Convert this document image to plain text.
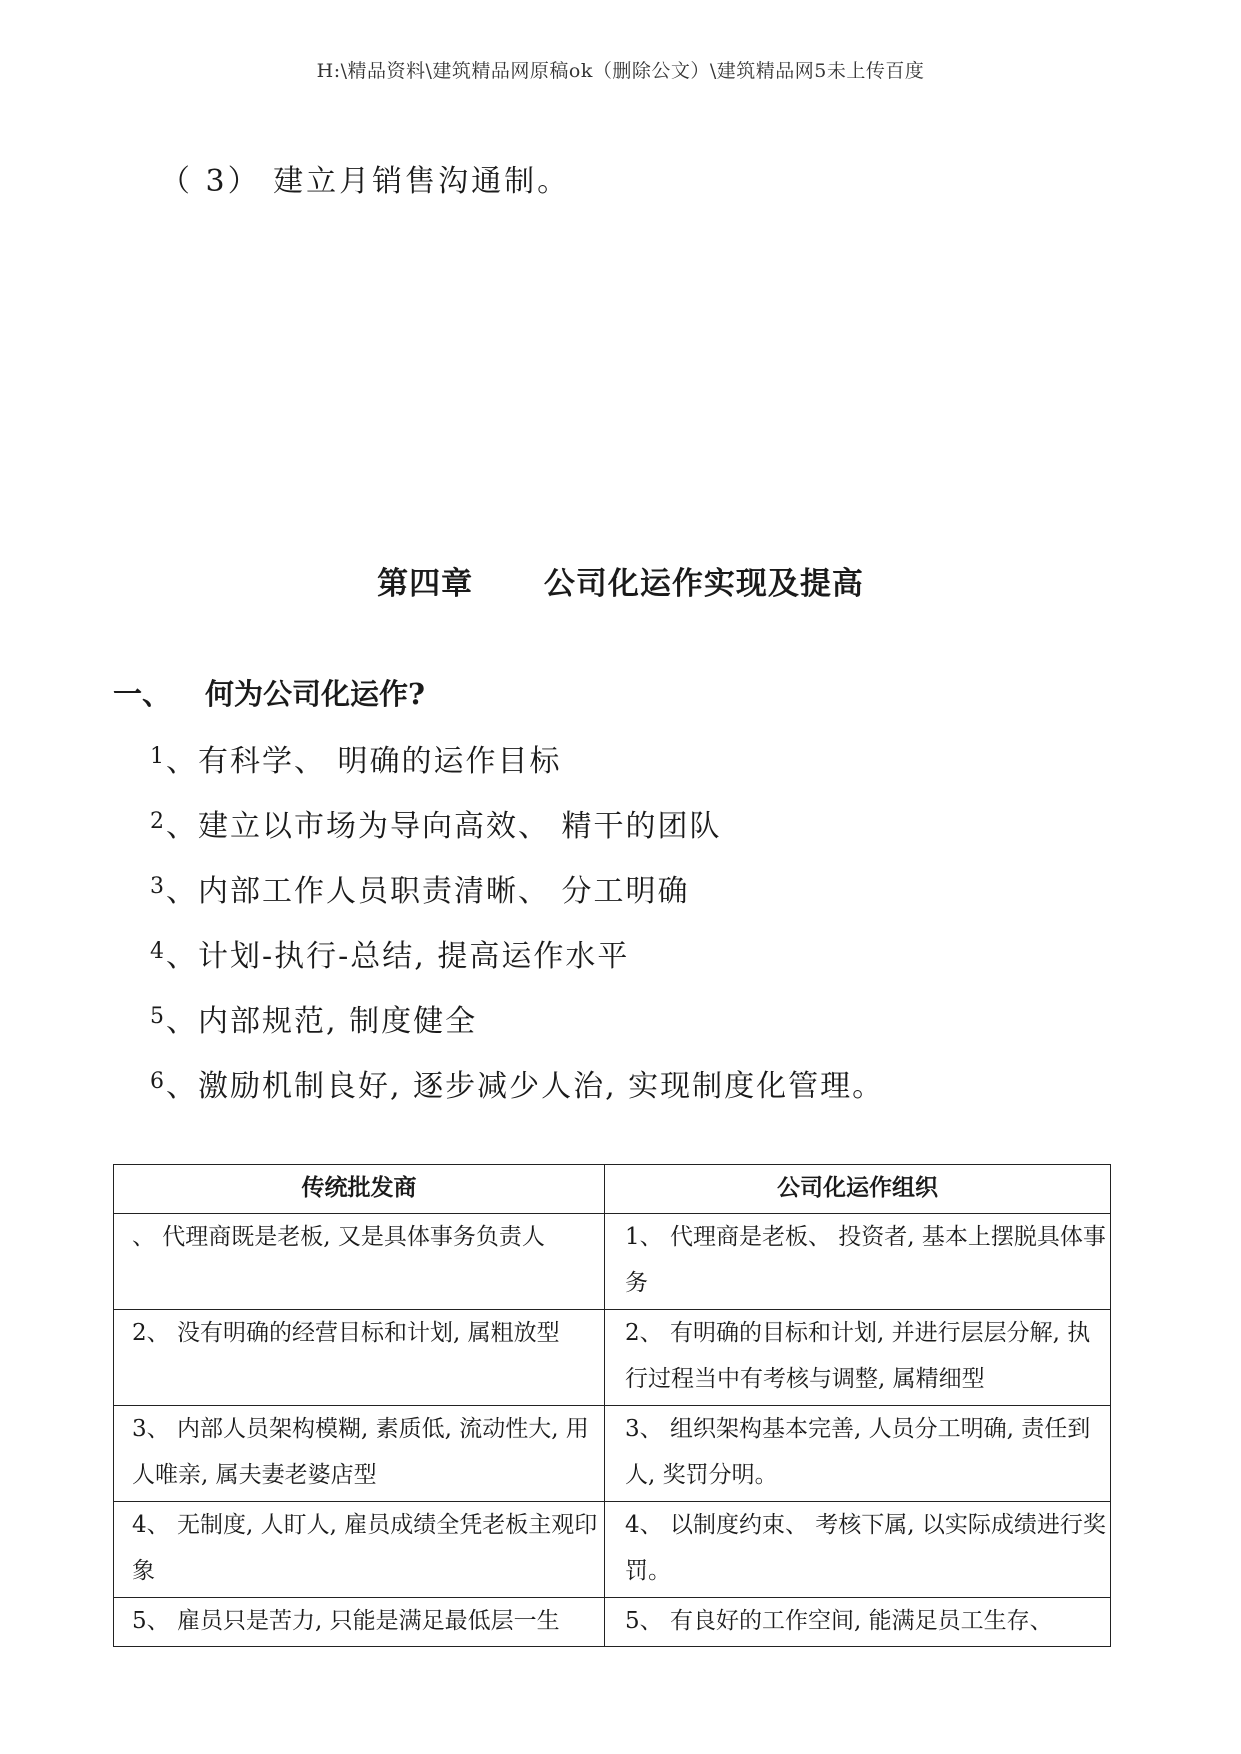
H:\精品资料\建筑精品网原稿ok（删除公文）\建筑精品网5未上传百度
（ 3） 建立月销售沟通制。
第四章      公司化运作实现及提高
一、 何为公司化运作?
1 、有科学、 明确的运作目标
2 、建立以市场为导向高效、 精干的团队
3 、内部工作人员职责清晰、 分工明确
4 、计划-执行-总结, 提高运作水平
5 、内部规范, 制度健全
6 、激励机制良好, 逐步减少人治, 实现制度化管理。
传统批发商	公司化运作组织
、 代理商既是老板, 又是具体事务负责人	1、 代理商是老板、 投资者, 基本上摆脱具体事务
2、 没有明确的经营目标和计划, 属粗放型	2、 有明确的目标和计划, 并进行层层分解, 执行过程当中有考核与调整, 属精细型
3、 内部人员架构模糊, 素质低, 流动性大, 用人唯亲, 属夫妻老婆店型	3、 组织架构基本完善, 人员分工明确, 责任到人, 奖罚分明。
4、 无制度, 人盯人, 雇员成绩全凭老板主观印象	4、 以制度约束、 考核下属, 以实际成绩进行奖罚。
5、 雇员只是苦力, 只能是满足最低层一生	5、 有良好的工作空间, 能满足员工生存、
